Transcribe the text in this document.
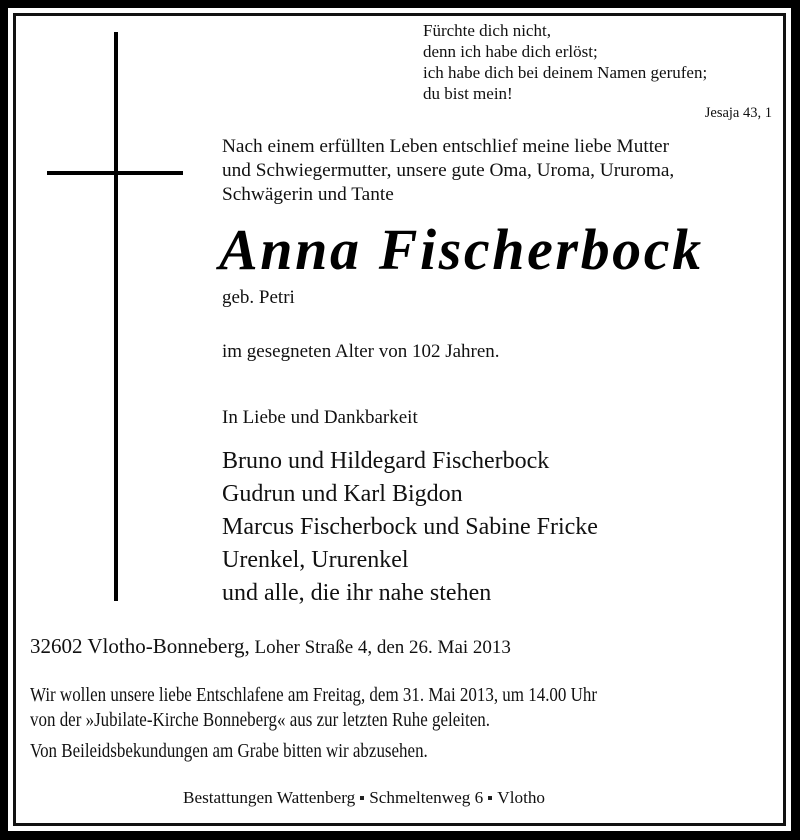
Fürchte dich nicht,
denn ich habe dich erlöst;
ich habe dich bei deinem Namen gerufen;
du bist mein!
Jesaja 43, 1
Nach einem erfüllten Leben entschlief meine liebe Mutter
und Schwiegermutter, unsere gute Oma, Uroma, Ururoma,
Schwägerin und Tante
Anna Fischerbock
geb. Petri
im gesegneten Alter von 102 Jahren.
In Liebe und Dankbarkeit
Bruno und Hildegard Fischerbock
Gudrun und Karl Bigdon
Marcus Fischerbock und Sabine Fricke
Urenkel, Ururenkel
und alle, die ihr nahe stehen
32602 Vlotho-Bonneberg, Loher Straße 4, den 26. Mai 2013
Wir wollen unsere liebe Entschlafene am Freitag, dem 31. Mai 2013, um 14.00 Uhr
von der »Jubilate-Kirche Bonneberg« aus zur letzten Ruhe geleiten.
Von Beileidsbekundungen am Grabe bitten wir abzusehen.
Bestattungen Wattenberg Schmeltenweg 6 Vlotho
